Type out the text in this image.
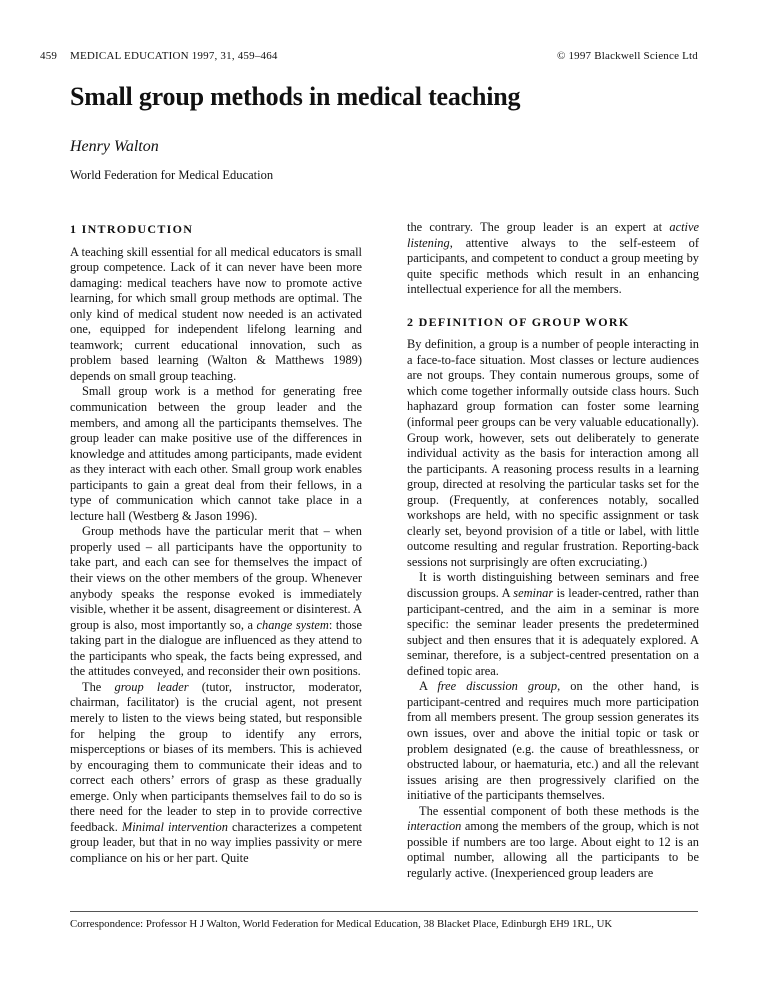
459 MEDICAL EDUCATION 1997, 31, 459–464	© 1997 Blackwell Science Ltd
Small group methods in medical teaching
Henry Walton
World Federation for Medical Education
1 INTRODUCTION

A teaching skill essential for all medical educators is small group competence. Lack of it can never have been more damaging: medical teachers have now to promote active learning, for which small group methods are optimal. The only kind of medical student now needed is an activated one, equipped for independent lifelong learning and teamwork; current educational innovation, such as problem based learning (Walton & Matthews 1989) depends on small group teaching.

Small group work is a method for generating free communication between the group leader and the members, and among all the participants themselves. The group leader can make positive use of the differences in knowledge and attitudes among participants, made evident as they interact with each other. Small group work enables participants to gain a great deal from their fellows, in a type of communication which cannot take place in a lecture hall (Westberg & Jason 1996).

Group methods have the particular merit that – when properly used – all participants have the opportunity to take part, and each can see for themselves the impact of their views on the other members of the group. Whenever anybody speaks the response evoked is immediately visible, whether it be assent, disagreement or disinterest. A group is also, most importantly so, a change system: those taking part in the dialogue are influenced as they attend to the participants who speak, the facts being expressed, and the attitudes conveyed, and reconsider their own positions.

The group leader (tutor, instructor, moderator, chairman, facilitator) is the crucial agent, not present merely to listen to the views being stated, but responsible for helping the group to identify any errors, misperceptions or biases of its members. This is achieved by encouraging them to communicate their ideas and to correct each others’ errors of grasp as these gradually emerge. Only when participants themselves fail to do so is there need for the leader to step in to provide corrective feedback. Minimal intervention characterizes a competent group leader, but that in no way implies passivity or mere compliance on his or her part. Quite

the contrary. The group leader is an expert at active listening, attentive always to the self-esteem of participants, and competent to conduct a group meeting by quite specific methods which result in an enhancing intellectual experience for all the members.

2 DEFINITION OF GROUP WORK

By definition, a group is a number of people interacting in a face-to-face situation. Most classes or lecture audiences are not groups. They contain numerous groups, some of which come together informally outside class hours. Such haphazard group formation can foster some learning (informal peer groups can be very valuable educationally). Group work, however, sets out deliberately to generate individual activity as the basis for interaction among all the participants. A reasoning process results in a learning group, directed at resolving the particular tasks set for the group. (Frequently, at conferences notably, socalled workshops are held, with no specific assignment or task clearly set, beyond provision of a title or label, with little outcome resulting and regular frustration. Reporting-back sessions not surprisingly are often excruciating.)

It is worth distinguishing between seminars and free discussion groups. A seminar is leader-centred, rather than participant-centred, and the aim in a seminar is more specific: the seminar leader presents the predetermined subject and then ensures that it is adequately explored. A seminar, therefore, is a subject-centred presentation on a defined topic area.

A free discussion group, on the other hand, is participant-centred and requires much more participation from all members present. The group session generates its own issues, over and above the initial topic or task or problem designated (e.g. the cause of breathlessness, or obstructed labour, or haematuria, etc.) and all the relevant issues arising are then progressively clarified on the initiative of the participants themselves.

The essential component of both these methods is the interaction among the members of the group, which is not possible if numbers are too large. About eight to 12 is an optimal number, allowing all the participants to be regularly active. (Inexperienced group leaders are

Correspondence: Professor H J Walton, World Federation for Medical Education, 38 Blacket Place, Edinburgh EH9 1RL, UK
